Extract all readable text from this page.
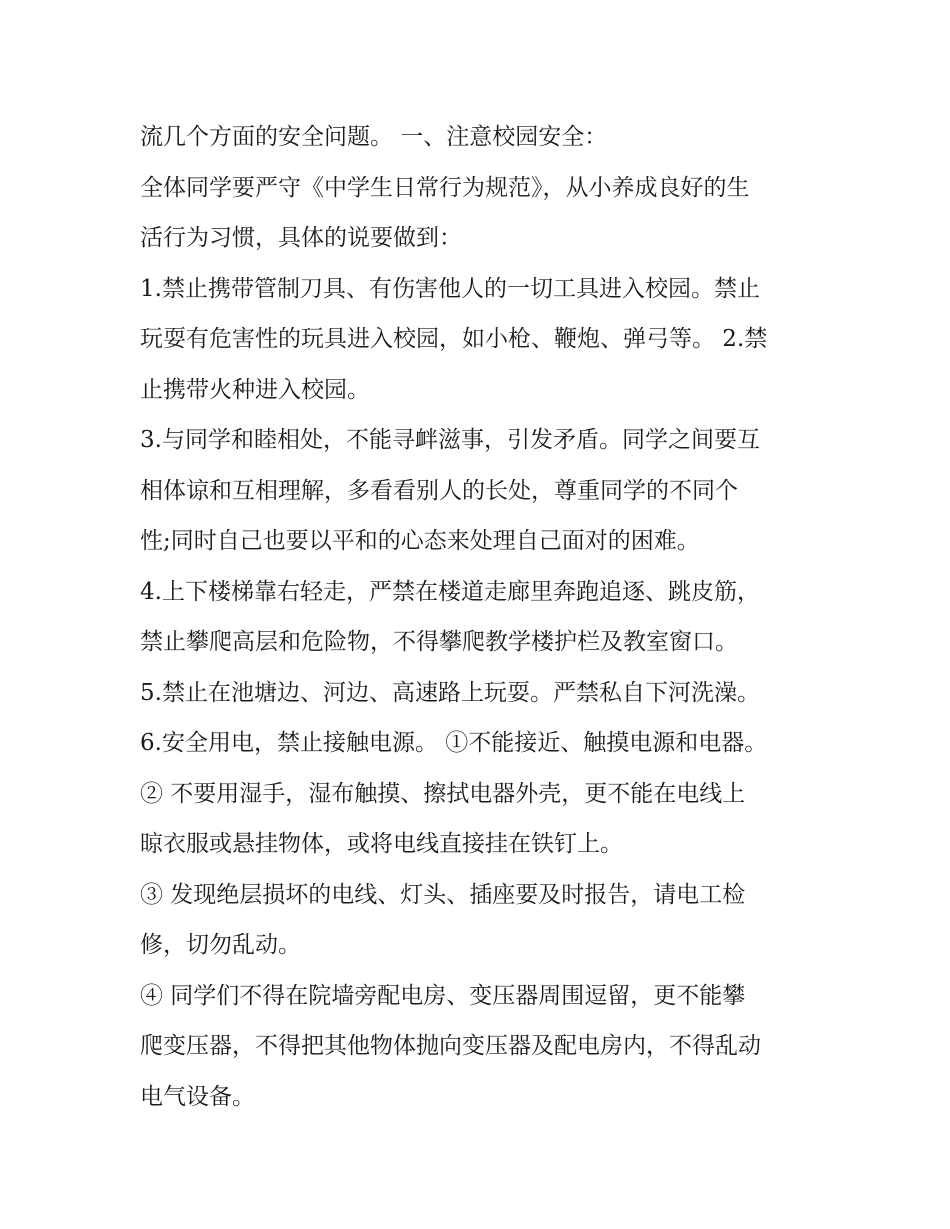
流几个方面的安全问题。 一、注意校园安全：
全体同学要严守《中学生日常行为规范》，从小养成良好的生
活行为习惯，具体的说要做到：
1.禁止携带管制刀具、有伤害他人的一切工具进入校园。禁止
玩耍有危害性的玩具进入校园，如小枪、鞭炮、弹弓等。 2.禁
止携带火种进入校园。
3.与同学和睦相处，不能寻衅滋事，引发矛盾。同学之间要互
相体谅和互相理解，多看看别人的长处，尊重同学的不同个
性;同时自己也要以平和的心态来处理自己面对的困难。
4.上下楼梯靠右轻走，严禁在楼道走廊里奔跑追逐、跳皮筋，
禁止攀爬高层和危险物，不得攀爬教学楼护栏及教室窗口。
5.禁止在池塘边、河边、高速路上玩耍。严禁私自下河洗澡。
6.安全用电，禁止接触电源。 ①不能接近、触摸电源和电器。
② 不要用湿手，湿布触摸、擦拭电器外壳，更不能在电线上
晾衣服或悬挂物体，或将电线直接挂在铁钉上。
③ 发现绝层损坏的电线、灯头、插座要及时报告，请电工检
修，切勿乱动。
④ 同学们不得在院墙旁配电房、变压器周围逗留，更不能攀
爬变压器，不得把其他物体抛向变压器及配电房内，不得乱动
电气设备。
